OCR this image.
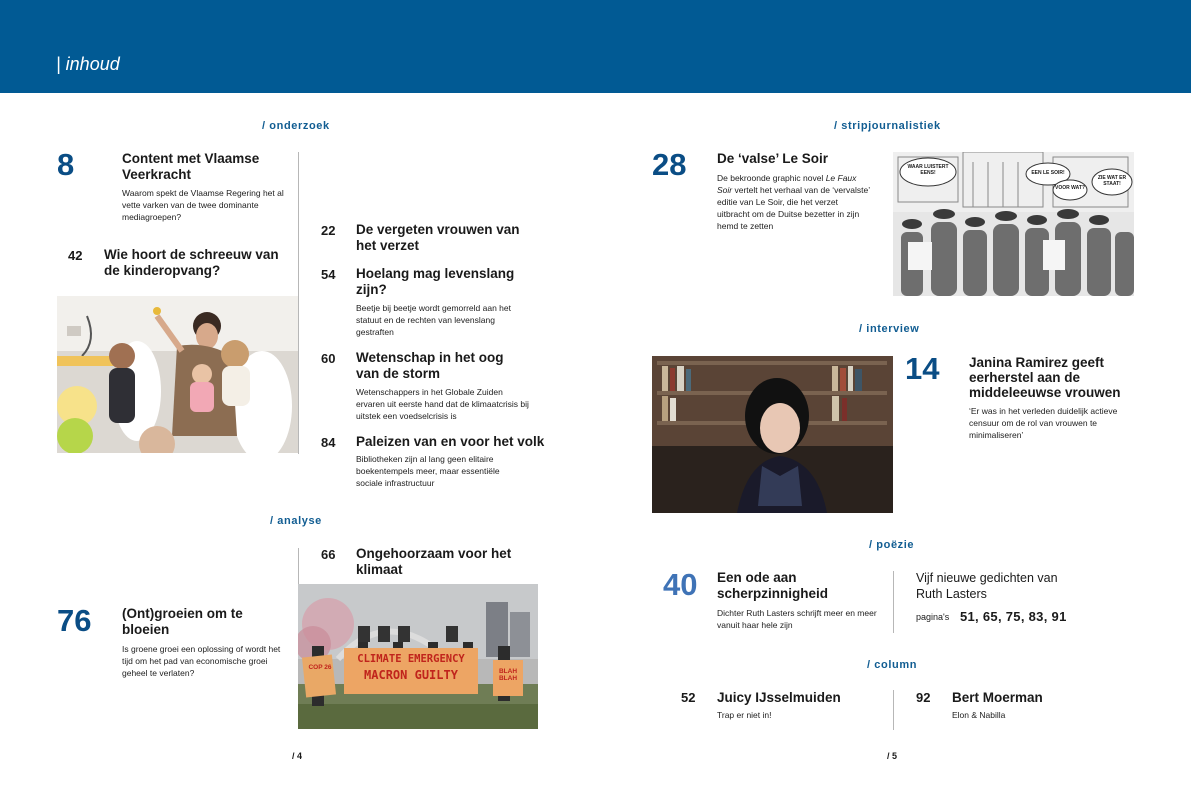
| inhoud
/ onderzoek
8	Content met Vlaamse Veerkracht
Waarom spekt de Vlaamse Regering het al vette varken van de twee dominante mediagroepen?
42 Wie hoort de schreeuw van de kinderopvang?
22 De vergeten vrouwen van het verzet
54 Hoelang mag levenslang zijn?
Beetje bij beetje wordt gemorreld aan het statuut en de rechten van levenslang gestraften
60 Wetenschap in het oog van de storm
Wetenschappers in het Globale Zuiden ervaren uit eerste hand dat de klimaatcrisis bij uitstek een voedselcrisis is
84 Paleizen van en voor het volk
Bibliotheken zijn al lang geen elitaire boekentempels meer, maar essentiële sociale infrastructuur
/ analyse
66 Ongehoorzaam voor het klimaat
CLIMATE EMERGENCY
MACRON GUILTY
COP 26
BLAH BLAH
76 (Ont)groeien om te bloeien
Is groene groei een oplossing of wordt het tijd om het pad van economische groei geheel te verlaten?
/ 4
/ stripjournalistiek
28 De ‘valse’ Le Soir
De bekroonde graphic novel Le Faux Soir vertelt het verhaal van de ‘vervalste’ editie van Le Soir, die het verzet uitbracht om de Duitse bezetter in zijn hemd te zetten
WAAR LUISTERT EENS!	EEN LE SOIR!
VOOR WAT?
ZIE WAT ER STAAT!
/ interview
14 Janina Ramirez geeft eerherstel aan de middeleeuwse vrouwen
‘Er was in het verleden duidelijk actieve censuur om de rol van vrouwen te minimaliseren’
/ poëzie
40 Een ode aan scherpzinnigheid
Dichter Ruth Lasters schrijft meer en meer vanuit haar hele zijn
Vijf nieuwe gedichten van Ruth Lasters
pagina's 51, 65, 75, 83, 91
/ column
52 Juicy IJsselmuiden
Trap er niet in!
92 Bert Moerman
Elon & Nabilla
/ 5
